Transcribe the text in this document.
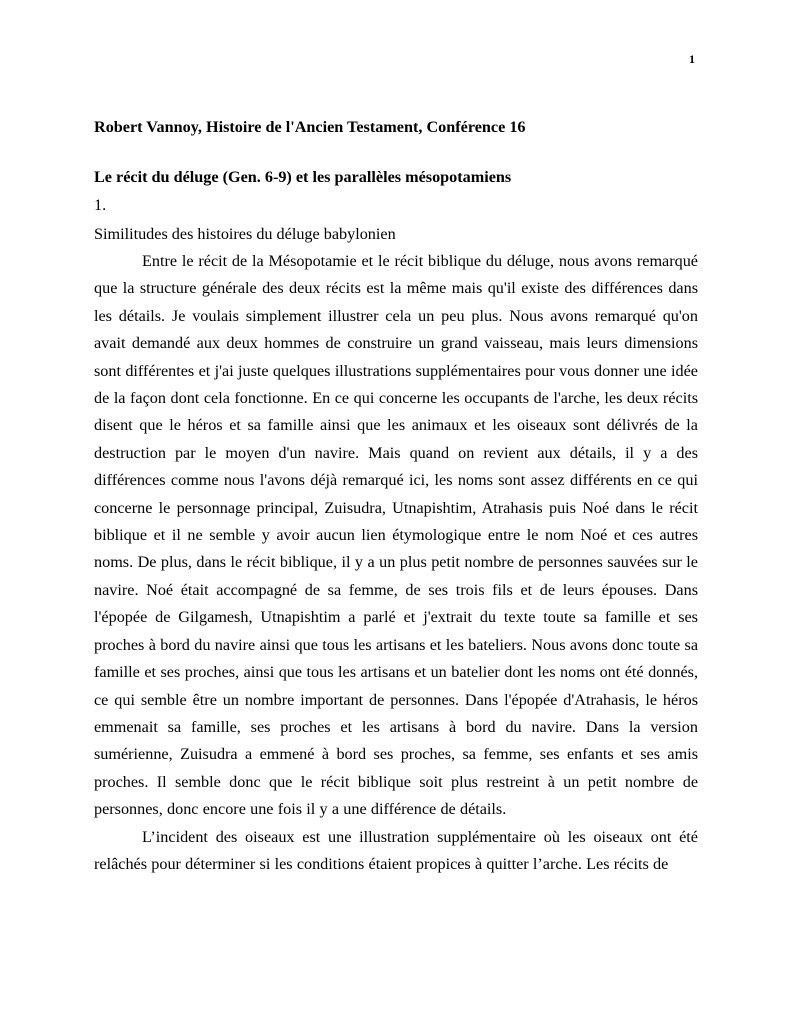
1
Robert Vannoy, Histoire de l'Ancien Testament, Conférence 16
Le récit du déluge (Gen. 6-9) et les parallèles mésopotamiens
1.
Similitudes des histoires du déluge babylonien

Entre le récit de la Mésopotamie et le récit biblique du déluge, nous avons remarqué que la structure générale des deux récits est la même mais qu'il existe des différences dans les détails. Je voulais simplement illustrer cela un peu plus. Nous avons remarqué qu'on avait demandé aux deux hommes de construire un grand vaisseau, mais leurs dimensions sont différentes et j'ai juste quelques illustrations supplémentaires pour vous donner une idée de la façon dont cela fonctionne. En ce qui concerne les occupants de l'arche, les deux récits disent que le héros et sa famille ainsi que les animaux et les oiseaux sont délivrés de la destruction par le moyen d'un navire. Mais quand on revient aux détails, il y a des différences comme nous l'avons déjà remarqué ici, les noms sont assez différents en ce qui concerne le personnage principal, Zuisudra, Utnapishtim, Atrahasis puis Noé dans le récit biblique et il ne semble y avoir aucun lien étymologique entre le nom Noé et ces autres noms. De plus, dans le récit biblique, il y a un plus petit nombre de personnes sauvées sur le navire. Noé était accompagné de sa femme, de ses trois fils et de leurs épouses. Dans l'épopée de Gilgamesh, Utnapishtim a parlé et j'extrait du texte toute sa famille et ses proches à bord du navire ainsi que tous les artisans et les bateliers. Nous avons donc toute sa famille et ses proches, ainsi que tous les artisans et un batelier dont les noms ont été donnés, ce qui semble être un nombre important de personnes. Dans l'épopée d'Atrahasis, le héros emmenait sa famille, ses proches et les artisans à bord du navire. Dans la version sumérienne, Zuisudra a emmené à bord ses proches, sa femme, ses enfants et ses amis proches. Il semble donc que le récit biblique soit plus restreint à un petit nombre de personnes, donc encore une fois il y a une différence de détails.

L’incident des oiseaux est une illustration supplémentaire où les oiseaux ont été relâchés pour déterminer si les conditions étaient propices à quitter l’arche. Les récits de
